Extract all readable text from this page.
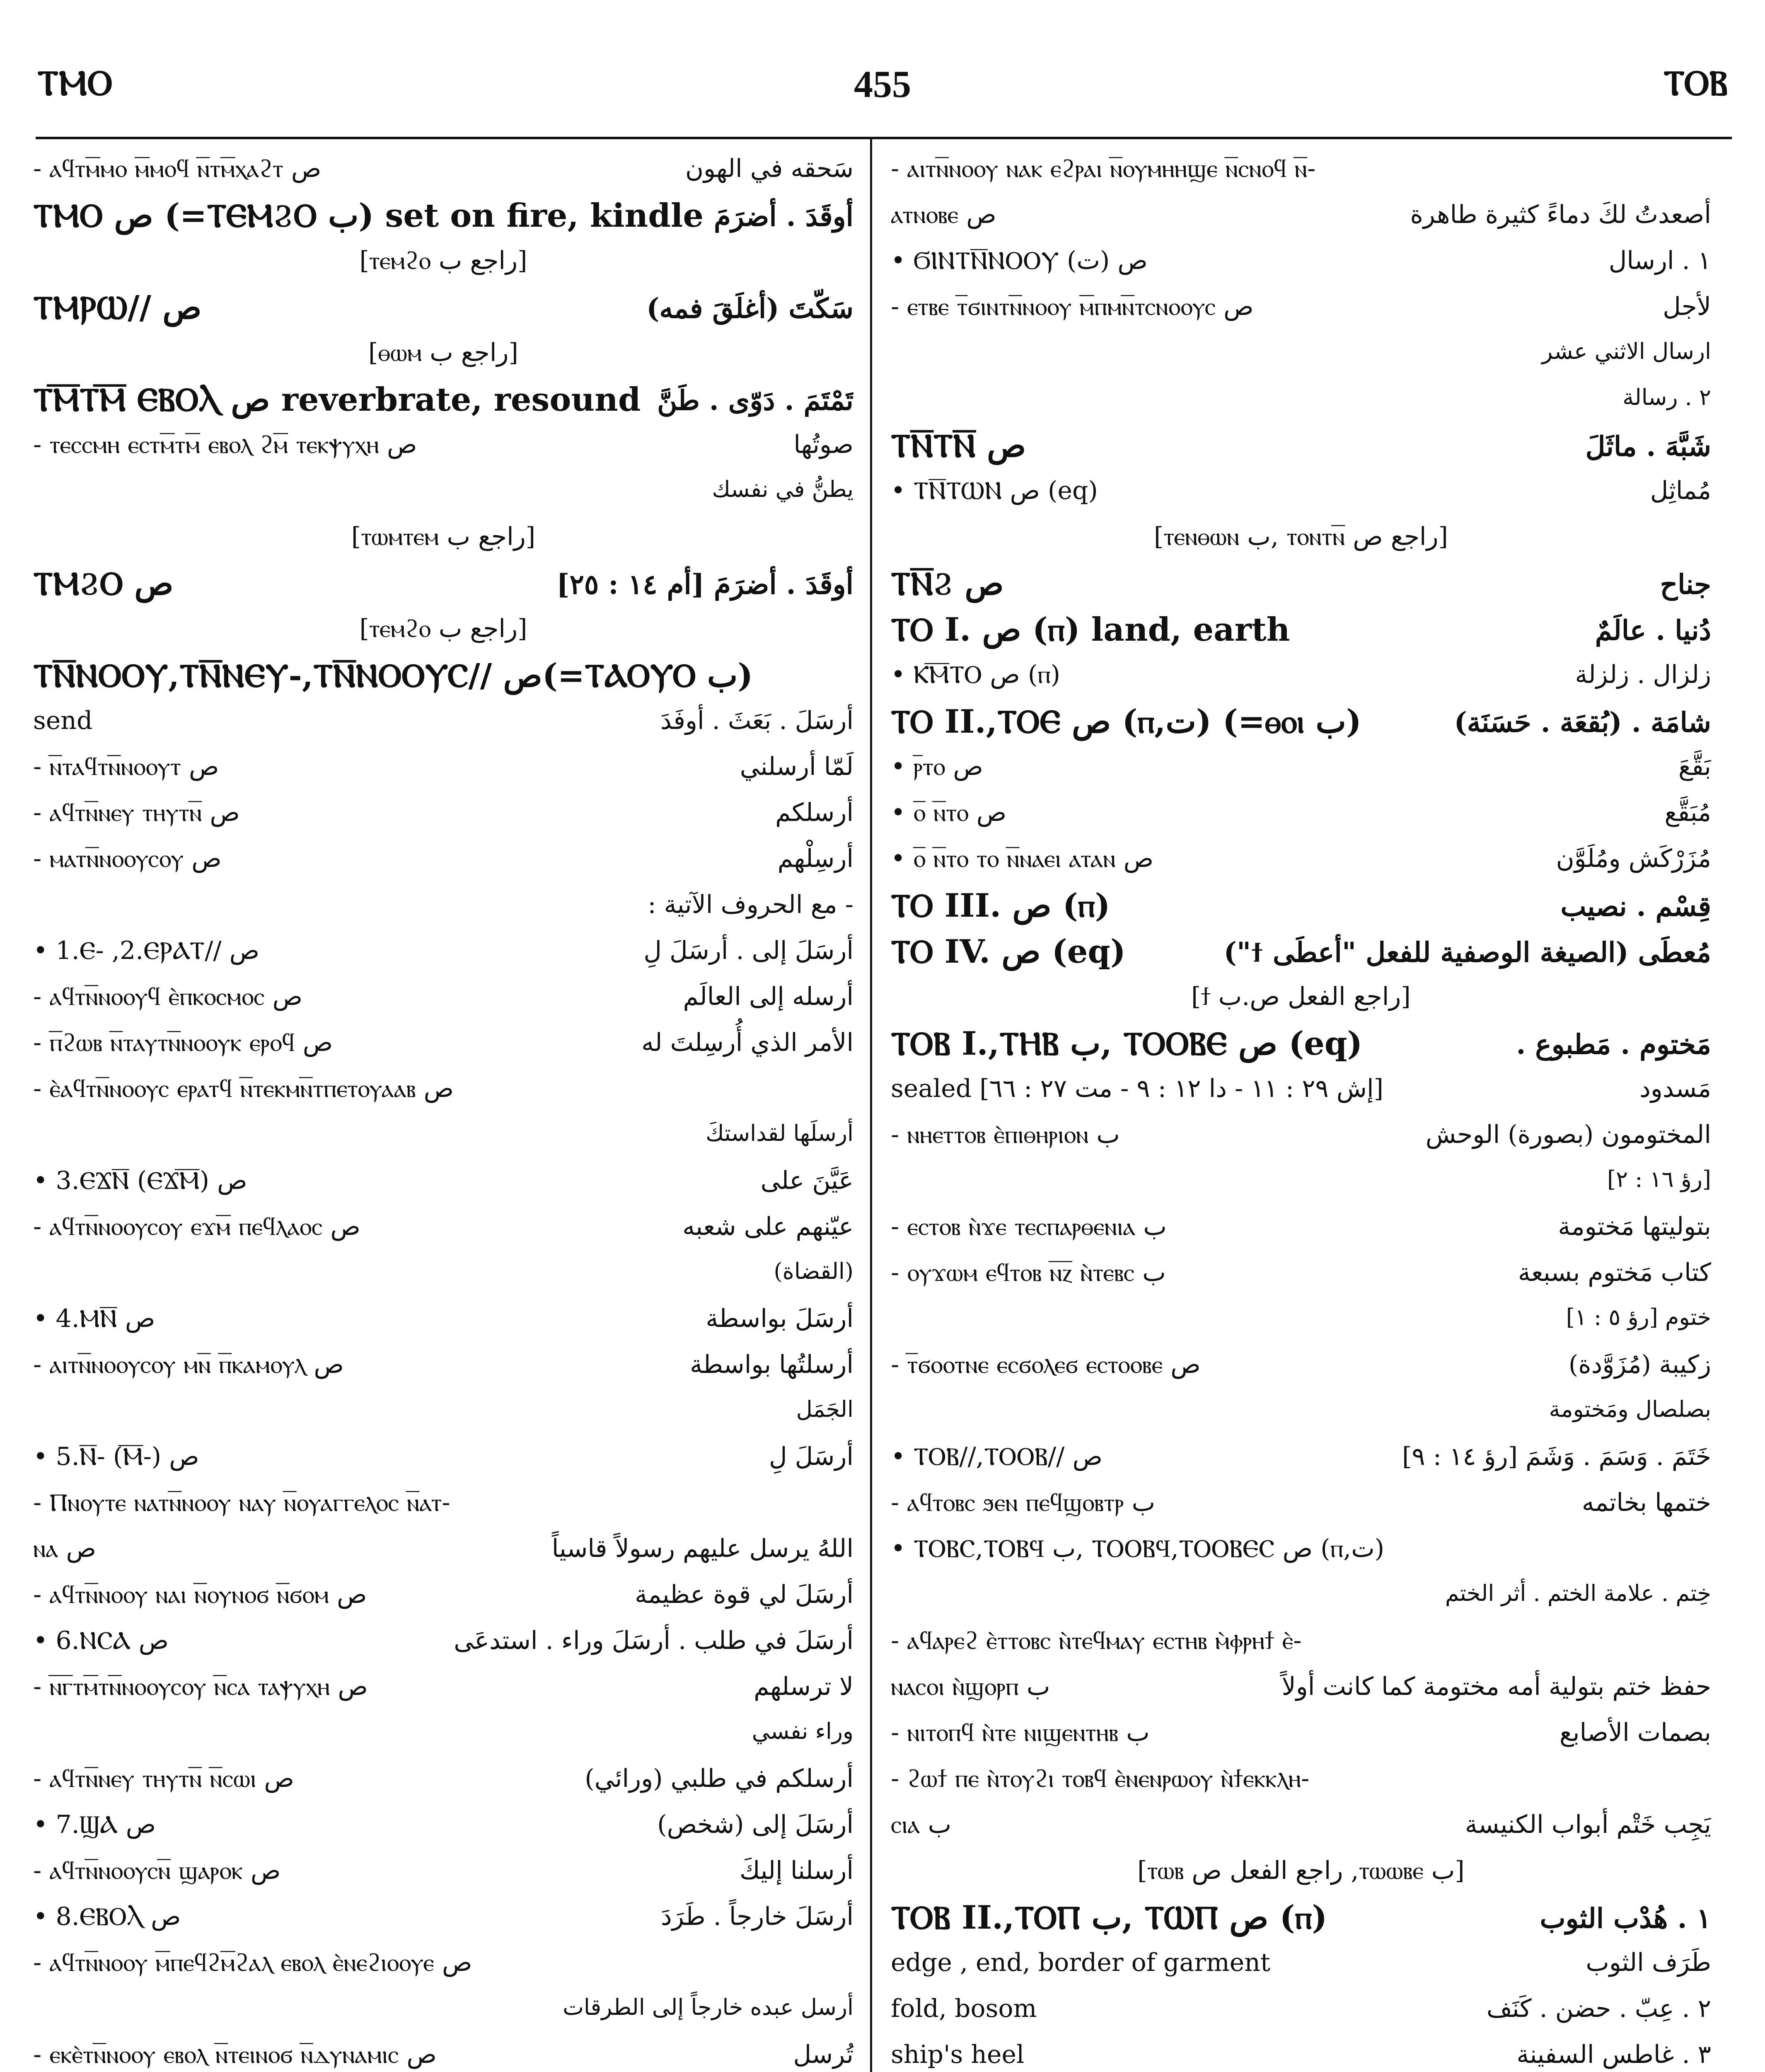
ⲦⲘⲞ	455	ⲦⲞⲂ
- ⲁϥⲧⲙ̅ⲙⲟ ⲙ̅ⲙⲟϥ ⲛ̅ⲧⲙ̅ⲭⲁϩⲧ ص	سَحقه في الهون
ⲦⲘⲞ ص (=ⲦⲈⲘϨⲞ ب) set on fire, kindle أوقَدَ . أضرَمَ
[ⲧⲉⲙϩⲟ راجع ب]
ⲦⲘⲢⲰ// ص	سَكّتَ (أغلَقَ فمه)
[ⲑⲱⲙ راجع ب]
ⲦⲘ̅ⲦⲘ̅ ⲈⲂⲞⲖ ص reverbrate, resound تَمْتَمَ . دَوّى . طَنَّ
- ⲧⲉⲥⲥⲙⲏ ⲉⲥⲧⲙ̅ⲧⲙ̅ ⲉⲃⲟⲗ ϩⲙ̅ ⲧⲉⲕⲯⲩⲭⲏ ص	صوتُها
يطنُّ في نفسك
[ⲧⲱⲙⲧⲉⲙ راجع ب]
ⲦⲘϨⲞ ص	أوقَدَ . أضرَمَ [أم ١٤ : ٢٥]
[ⲧⲉⲙϩⲟ راجع ب]
ⲦⲚ̅ⲚⲞⲞⲨ,ⲦⲚ̅ⲚⲈⲨ-,ⲦⲚ̅ⲚⲞⲞⲨⲤ// ص(=ⲦⲀⲞⲨⲞ ب)
send	أرسَلَ . بَعَثَ . أوفَدَ
- ⲛ̅ⲧⲁϥⲧⲛ̅ⲛⲟⲟⲩⲧ ص	لَمّا أرسلني
- ⲁϥⲧⲛ̅ⲛⲉⲩ ⲧⲏⲩⲧⲛ̅ ص	أرسلكم
- ⲙⲁⲧⲛ̅ⲛⲟⲟⲩⲥⲟⲩ ص	أرسِلْهم
- مع الحروف الآتية :
• 1.Ⲉ- ,2.ⲈⲢⲀⲦ// ص	أرسَلَ إلى . أرسَلَ لِ
- ⲁϥⲧⲛ̅ⲛⲟⲟⲩϥ ⲉ̀ⲡⲕⲟⲥⲙⲟⲥ ص	أرسله إلى العالَم
- ⲡ̅ϩⲱⲃ ⲛ̅ⲧⲁⲩⲧⲛ̅ⲛⲟⲟⲩⲕ ⲉⲣⲟϥ ص	الأمر الذي أُرسِلتَ له
- ⲉ̀ⲁϥⲧⲛ̅ⲛⲟⲟⲩⲥ ⲉⲣⲁⲧϥ ⲛ̅ⲧⲉⲕⲙⲛ̅ⲧⲡⲉⲧⲟⲩⲁⲁⲃ ص
أرسلَها لقداستكَ
• 3.ⲈϪⲚ̅ (ⲈϪⲘ̅) ص	عَيَّنَ على
- ⲁϥⲧⲛ̅ⲛⲟⲟⲩⲥⲟⲩ ⲉϫⲙ̅ ⲡⲉϥⲗⲁⲟⲥ ص	عيّنهم على شعبه
(القضاة)
• 4.ⲘⲚ̅ ص	أرسَلَ بواسطة
- ⲁⲓⲧⲛ̅ⲛⲟⲟⲩⲥⲟⲩ ⲙⲛ̅ ⲡ̅ⲕⲁⲙⲟⲩⲗ ص	أرسلتُها بواسطة
الجَمَل
• 5.Ⲛ̅- (Ⲙ̅-) ص	أرسَلَ لِ
- Ⲡⲛⲟⲩⲧⲉ ⲛⲁⲧⲛ̅ⲛⲟⲟⲩ ⲛⲁⲩ ⲛ̅ⲟⲩⲁⲅⲅⲉⲗⲟⲥ ⲛ̅ⲁⲧ-
ⲛⲁ ص	اللهُ يرسل عليهم رسولاً قاسياً
- ⲁϥⲧⲛ̅ⲛⲟⲟⲩ ⲛⲁⲓ ⲛ̅ⲟⲩⲛⲟϭ ⲛ̅ϭⲟⲙ ص	أرسَلَ لي قوة عظيمة
• 6.ⲚⲤⲀ ص	أرسَلَ في طلب . أرسَلَ وراء . استدعَى
- ⲛ̅ⲅ̅ⲧⲙ̅ⲧⲛ̅ⲛⲟⲟⲩⲥⲟⲩ ⲛ̅ⲥⲁ ⲧⲁⲯⲩⲭⲏ ص	لا ترسلهم
وراء نفسي
- ⲁϥⲧⲛ̅ⲛⲉⲩ ⲧⲏⲩⲧⲛ̅ ⲛ̅ⲥⲱⲓ ص	أرسلكم في طلبي (ورائي)
• 7.ϢⲀ ص	أرسَلَ إلى (شخص)
- ⲁϥⲧⲛ̅ⲛⲟⲟⲩⲥⲛ̅ ϣⲁⲣⲟⲕ ص	أرسلنا إليكَ
• 8.ⲈⲂⲞⲖ ص	أرسَلَ خارجاً . طَرَدَ
- ⲁϥⲧⲛ̅ⲛⲟⲟⲩ ⲙ̅ⲡⲉϥϩⲙ̅ϩⲁⲗ ⲉⲃⲟⲗ ⲉ̀ⲛⲉϩⲓⲟⲟⲩⲉ ص
أرسل عبده خارجاً إلى الطرقات
- ⲉⲕⲉ̀ⲧⲛ̅ⲛⲟⲟⲩ ⲉⲃⲟⲗ ⲛ̅ⲧⲉⲓⲛⲟϭ ⲛ̅ⲇⲩⲛⲁⲙⲓⲥ ص	تُرسل
- ⲁⲓⲧⲛ̅ⲛⲟⲟⲩ ⲛⲁⲕ ⲉϩⲣⲁⲓ ⲛ̅ⲟⲩⲙⲏⲏϣⲉ ⲛ̅ⲥⲛⲟϥ ⲛ̅-
ⲁⲧⲛⲟⲃⲉ ص	أصعدتُ لكَ دماءً كثيرة طاهرة
• ϬⲒⲚⲦⲚ̅ⲚⲞⲞⲨ ص (ت)	١ . ارسال
- ⲉⲧⲃⲉ ⲧ̅ϭⲓⲛⲧⲛ̅ⲛⲟⲟⲩ ⲙ̅ⲡⲙⲛ̅ⲧⲥⲛⲟⲟⲩⲥ ص	لأجل
ارسال الاثني عشر
٢ . رسالة
ⲦⲚ̅ⲦⲚ̅ ص	شَبَّهَ . ماثَلَ
• ⲦⲚ̅ⲦⲰⲚ ص (eq)	مُماثِل
[ⲧⲉⲛⲑⲱⲛ ب, ⲧⲟⲛⲧⲛ̅ راجع ص]
ⲦⲚ̅Ϩ ص	جناح
ⲦⲞ I. ص (ⲡ) land, earth	دُنيا . عالَمٌ
• ⲔⲘ̅ⲦⲞ ص (ⲡ)	زلزال . زلزلة
ⲦⲞ II.,ⲦⲞⲈ ص (ⲡ,ت) (=ⲑⲟⲓ ب)	شامَة . (بُقعَة . حَسَنَة)
• ⲣ̅ⲧⲟ ص	بَقَّعَ
• ⲟ̅ ⲛ̅ⲧⲟ ص	مُبَقَّع
• ⲟ̅ ⲛ̅ⲧⲟ ⲧⲟ ⲛ̅ⲛⲁⲉⲓ ⲁⲧⲁⲛ ص	مُزَرْكَش ومُلَوَّن
ⲦⲞ III. ص (ⲡ)	قِسْم . نصيب
ⲦⲞ IV. ص (eq)	مُعطَى (الصيغة الوصفية للفعل "أعطَى ϯ")
[ϯ راجع الفعل ص.ب]
ⲦⲞⲂ I.,ⲦⲎⲂ ب, ⲦⲞⲞⲂⲈ ص (eq)	مَختوم . مَطبوع .
sealed [إش ٢٩ : ١١ - دا ١٢ : ٩ - مت ٢٧ : ٦٦]	مَسدود
- ⲛⲏⲉⲧⲧⲟⲃ ⲉ̀ⲡⲓⲑⲏⲣⲓⲟⲛ ب	المختومون (بصورة) الوحش
[رؤ ١٦ : ٢]
- ⲉⲥⲧⲟⲃ ⲛ̀ϫⲉ ⲧⲉⲥⲡⲁⲣⲑⲉⲛⲓⲁ ب	بتوليتها مَختومة
- ⲟⲩϫⲱⲙ ⲉϥⲧⲟⲃ ⲛ̅ⲍ̅ ⲛ̀ⲧⲉⲃⲥ ب	كتاب مَختوم بسبعة
ختوم [رؤ ٥ : ١]
- ⲧ̅ϭⲟⲟⲧⲛⲉ ⲉⲥϭⲟⲗⲉϭ ⲉⲥⲧⲟⲟⲃⲉ ص	زكيبة (مُزَوَّدة)
بصلصال ومَختومة
• ⲦⲞⲂ//,ⲦⲞⲞⲂ// ص	خَتَمَ . وَسَمَ . وَشَمَ [رؤ ١٤ : ٩]
- ⲁϥⲧⲟⲃⲥ ϧⲉⲛ ⲡⲉϥϣⲟⲃⲧⲣ ب	ختمها بخاتمه
• ⲦⲞⲂⲤ,ⲦⲞⲂϤ ب, ⲦⲞⲞⲂϤ,ⲦⲞⲞⲂⲈⲤ ص (ⲡ,ت)
خِتم . علامة الختم . أثر الختم
- ⲁϥⲁⲣⲉϩ ⲉ̀ⲧⲧⲟⲃⲥ ⲛ̀ⲧⲉϥⲙⲁⲩ ⲉⲥⲧⲏⲃ ⲙ̀ⲫⲣⲏϯ ⲉ̀-
ⲛⲁⲥⲟⲓ ⲛ̀ϣⲟⲣⲡ ب	حفظ ختم بتولية أمه مختومة كما كانت أولاً
- ⲛⲓⲧⲟⲡϥ ⲛ̀ⲧⲉ ⲛⲓϣⲉⲛⲧⲏⲃ ب	بصمات الأصابع
- ϩⲱϯ ⲡⲉ ⲛ̀ⲧⲟⲩϩⲓ ⲧⲟⲃϥ ⲉ̀ⲛⲉⲛⲣⲱⲟⲩ ⲛ̀ϯⲉⲕⲕⲗⲏ-
ⲥⲓⲁ ب	يَجِب خَتْم أبواب الكنيسة
[ⲧⲱⲃ راجع الفعل ص ,ⲧⲱⲱⲃⲉ ب]
ⲦⲞⲂ II.,ⲦⲞⲠ ب, ⲦⲰⲠ ص (ⲡ)	١ . هُدْب الثوب
edge , end, border of garment	طَرَف الثوب
fold, bosom	٢ . عِبّ . حضن . كَنَف
ship's heel	٣ . غاطس السفينة
